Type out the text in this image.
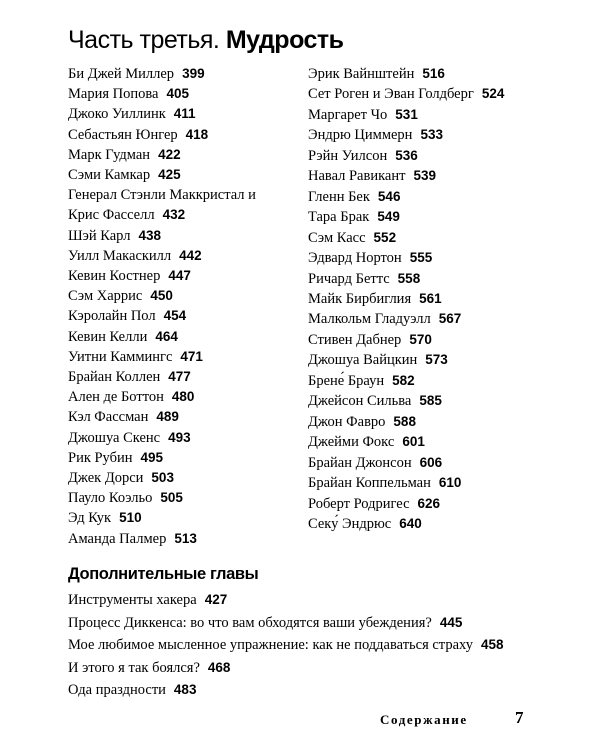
Часть третья. Мудрость
Би Джей Миллер 399
Мария Попова 405
Джоко Уиллинк 411
Себастьян Юнгер 418
Марк Гудман 422
Сэми Камкар 425
Генерал Стэнли Маккристал и Крис Фасселл 432
Шэй Карл 438
Уилл Макаскилл 442
Кевин Костнер 447
Сэм Харрис 450
Кэролайн Пол 454
Кевин Келли 464
Уитни Каммингс 471
Брайан Коллен 477
Ален де Боттон 480
Кэл Фассман 489
Джошуа Скенс 493
Рик Рубин 495
Джек Дорси 503
Пауло Коэльо 505
Эд Кук 510
Аманда Палмер 513
Эрик Вайнштейн 516
Сет Роген и Эван Голдберг 524
Маргарет Чо 531
Эндрю Циммерн 533
Рэйн Уилсон 536
Навал Равикант 539
Гленн Бек 546
Тара Брак 549
Сэм Касс 552
Эдвард Нортон 555
Ричард Беттс 558
Майк Бирбиглия 561
Малкольм Гладуэлл 567
Стивен Дабнер 570
Джошуа Вайцкин 573
Брене́ Браун 582
Джейсон Сильва 585
Джон Фавро 588
Джейми Фокс 601
Брайан Джонсон 606
Брайан Коппельман 610
Роберт Родригес 626
Секу́ Эндрюс 640
Дополнительные главы
Инструменты хакера 427
Процесс Диккенса: во что вам обходятся ваши убеждения? 445
Мое любимое мысленное упражнение: как не поддаваться страху 458
И этого я так боялся? 468
Ода праздности 483
Содержание	7
